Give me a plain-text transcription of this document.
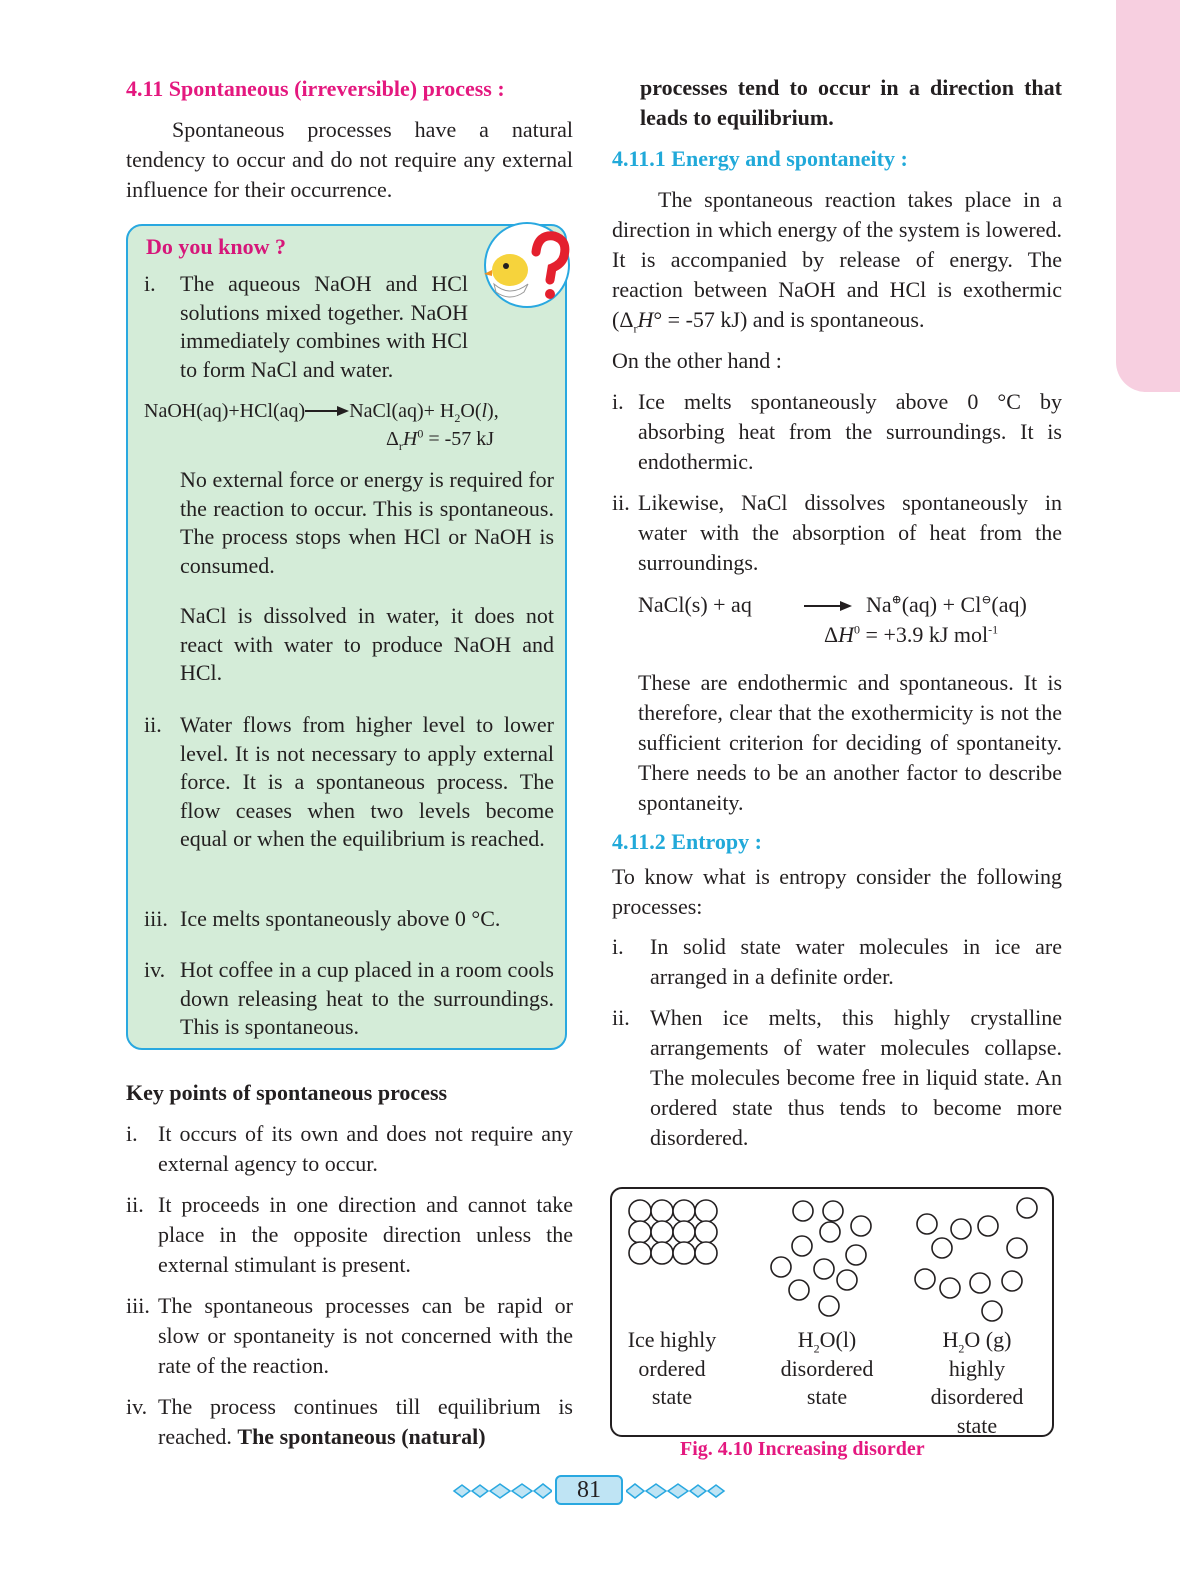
4.11 Spontaneous (irreversible) process :

Spontaneous processes have a natural tendency to occur and do not require any external influence for their occurrence.

Do you know ?
i. The aqueous NaOH and HCl solutions mixed together. NaOH immediately combines with HCl to form NaCl and water.
NaOH(aq)+HCl(aq)→NaCl(aq)+ $H_2O(l)$,
$\Delta_rH^0 = -57$ kJ
No external force or energy is required for the reaction to occur. This is spontaneous. The process stops when HCl or NaOH is consumed.
NaCl is dissolved in water, it does not react with water to produce NaOH and HCl.
ii. Water flows from higher level to lower level. It is not necessary to apply external force. It is a spontaneous process. The flow ceases when two levels become equal or when the equilibrium is reached.
iii. Ice melts spontaneously above 0 °C.
iv. Hot coffee in a cup placed in a room cools down releasing heat to the surroundings. This is spontaneous.
Key points of spontaneous process
i. It occurs of its own and does not require any external agency to occur.
ii. It proceeds in one direction and cannot take place in the opposite direction unless the external stimulant is present.
iii. The spontaneous processes can be rapid or slow or spontaneity is not concerned with the rate of the reaction.
iv. The process continues till equilibrium is reached. The spontaneous (natural)

processes tend to occur in a direction that leads to equilibrium.

4.11.1 Energy and spontaneity :

The spontaneous reaction takes place in a direction in which energy of the system is lowered. It is accompanied by release of energy. The reaction between NaOH and HCl is exothermic ($\Delta_rH^\circ = -57$ kJ) and is spontaneous.

On the other hand :

i. Ice melts spontaneously above 0 °C by absorbing heat from the surroundings. It is endothermic.
ii. Likewise, NaCl dissolves spontaneously in water with the absorption of heat from the surroundings.
NaCl(s) + aq → Na⊕(aq) + Cl⊖(aq)
$\Delta H^0 = +3.9$ kJ mol$^{-1}$

These are endothermic and spontaneous. It is therefore, clear that the exothermicity is not the sufficient criterion for deciding of spontaneity. There needs to be an another factor to describe spontaneity.

4.11.2 Entropy :

To know what is entropy consider the following processes:

i. In solid state water molecules in ice are arranged in a definite order.
ii. When ice melts, this highly crystalline arrangements of water molecules collapse. The molecules become free in liquid state. An ordered state thus tends to become more disordered.
Ice highly
ordered
state
$H_2O(l)$
disordered
state
$H_2O$ (g)
highly
disordered
state
Fig. 4.10 Increasing disorder
81
